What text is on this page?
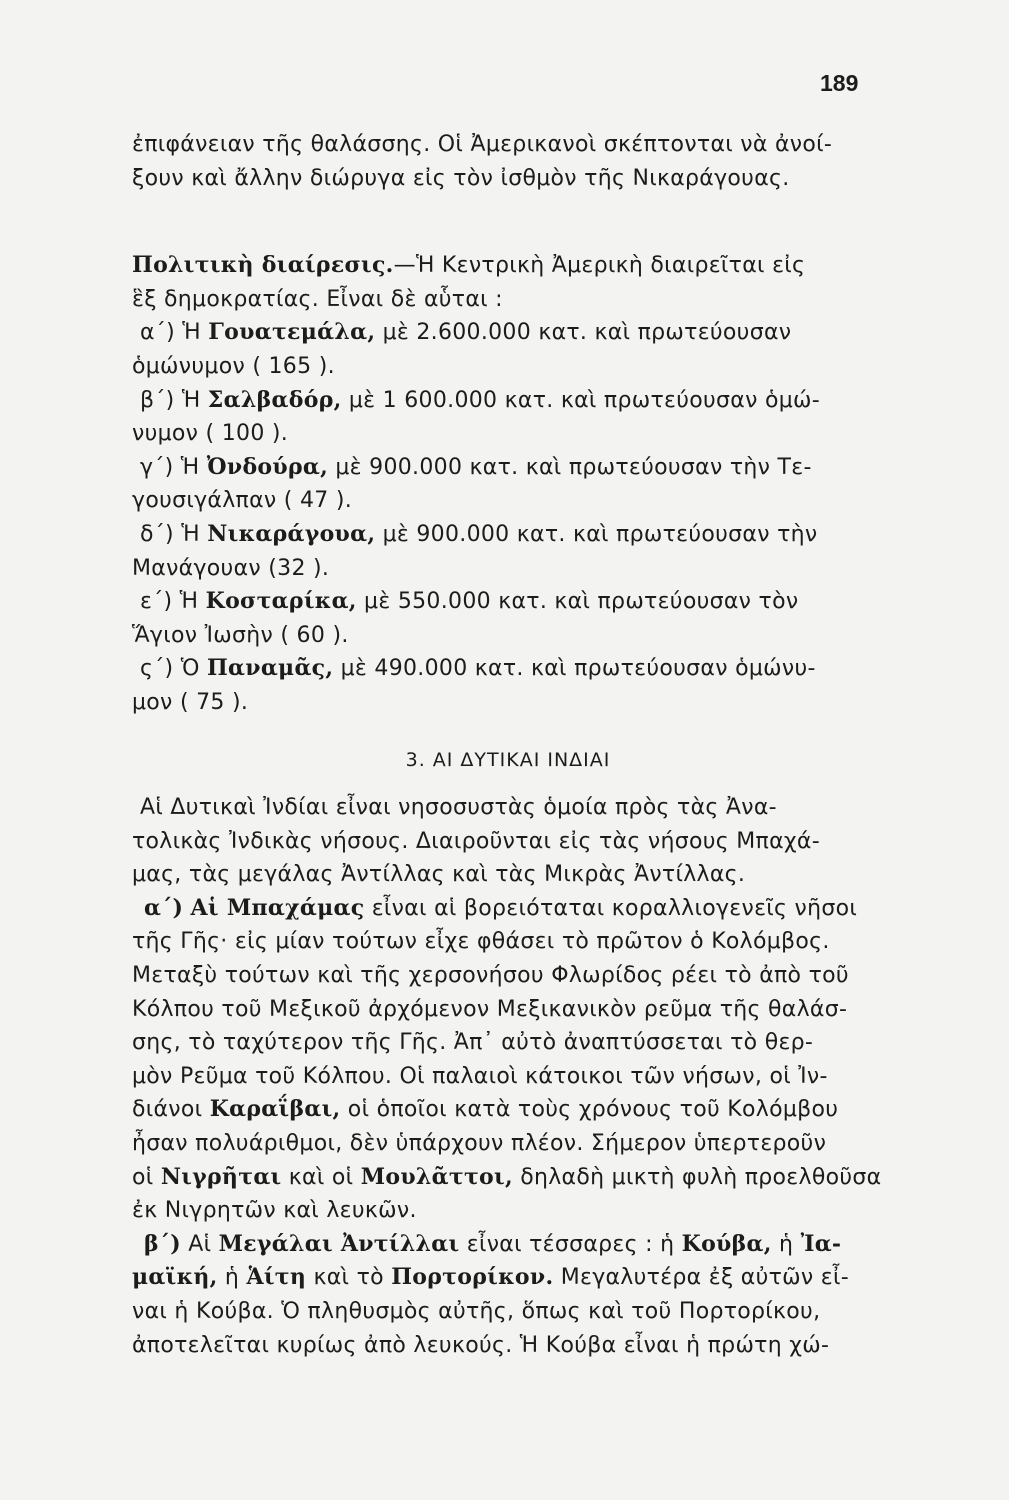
189
ἐπιφάνειαν τῆς θαλάσσης. Οἱ Ἀμερικανοὶ σκέπτονται νὰ ἀνοί-
ξουν καὶ ἄλλην διώρυγα εἰς τὸν ἰσθμὸν τῆς Νικαράγουας.
Πολιτικὴ διαίρεσις.—Ἡ Κεντρικὴ Ἀμερικὴ διαιρεῖται εἰς
ἓξ δημοκρατίας. Εἶναι δὲ αὗται :
α΄) Ἡ Γουατεμάλα, μὲ 2.600.000 κατ. καὶ πρωτεύουσαν
ὁμώνυμον ( 165 ).
β΄) Ἡ Σαλβαδόρ, μὲ 1 600.000 κατ. καὶ πρωτεύουσαν ὁμώ-
νυμον ( 100 ).
γ΄) Ἡ Ὀνδούρα, μὲ 900.000 κατ. καὶ πρωτεύουσαν τὴν Τε-
γουσιγάλπαν ( 47 ).
δ΄) Ἡ Νικαράγουα, μὲ 900.000 κατ. καὶ πρωτεύουσαν τὴν
Μανάγουαν (32 ).
ε΄) Ἡ Κοσταρίκα, μὲ 550.000 κατ. καὶ πρωτεύουσαν τὸν
Ἅγιον Ἰωσὴν ( 60 ).
ς΄) Ὁ Παναμᾶς, μὲ 490.000 κατ. καὶ πρωτεύουσαν ὁμώνυ-
μον ( 75 ).
3. ΑΙ ΔΥΤΙΚΑΙ ΙΝΔΙΑΙ
Αἱ Δυτικαὶ Ἰνδίαι εἶναι νησοσυστὰς ὁμοία πρὸς τὰς Ἀνα-
τολικὰς Ἰνδικὰς νήσους. Διαιροῦνται εἰς τὰς νήσους Μπαχά-
μας, τὰς μεγάλας Ἀντίλλας καὶ τὰς Μικρὰς Ἀντίλλας.
α΄) Αἱ Μπαχάμας εἶναι αἱ βορειόταται κοραλλιογενεῖς νῆσοι
τῆς Γῆς· εἰς μίαν τούτων εἶχε φθάσει τὸ πρῶτον ὁ Κολόμβος.
Μεταξὺ τούτων καὶ τῆς χερσονήσου Φλωρίδος ρέει τὸ ἀπὸ τοῦ
Κόλπου τοῦ Μεξικοῦ ἀρχόμενον Μεξικανικὸν ρεῦμα τῆς θαλάσ-
σης, τὸ ταχύτερον τῆς Γῆς. Ἀπ᾽ αὐτὸ ἀναπτύσσεται τὸ θερ-
μὸν Ρεῦμα τοῦ Κόλπου. Οἱ παλαιοὶ κάτοικοι τῶν νήσων, οἱ Ἰν-
διάνοι Καραΐβαι, οἱ ὁποῖοι κατὰ τοὺς χρόνους τοῦ Κολόμβου
ἦσαν πολυάριθμοι, δὲν ὑπάρχουν πλέον. Σήμερον ὑπερτεροῦν
οἱ Νιγρῆται καὶ οἱ Μουλᾶττοι, δηλαδὴ μικτὴ φυλὴ προελθοῦσα
ἐκ Νιγρητῶν καὶ λευκῶν.
β΄) Αἱ Μεγάλαι Ἀντίλλαι εἶναι τέσσαρες : ἡ Κούβα, ἡ Ἰα-
μαϊκή, ἡ Ἁίτη καὶ τὸ Πορτορίκον. Μεγαλυτέρα ἐξ αὐτῶν εἶ-
ναι ἡ Κούβα. Ὁ πληθυσμὸς αὐτῆς, ὅπως καὶ τοῦ Πορτορίκου,
ἀποτελεῖται κυρίως ἀπὸ λευκούς. Ἡ Κούβα εἶναι ἡ πρώτη χώ-
